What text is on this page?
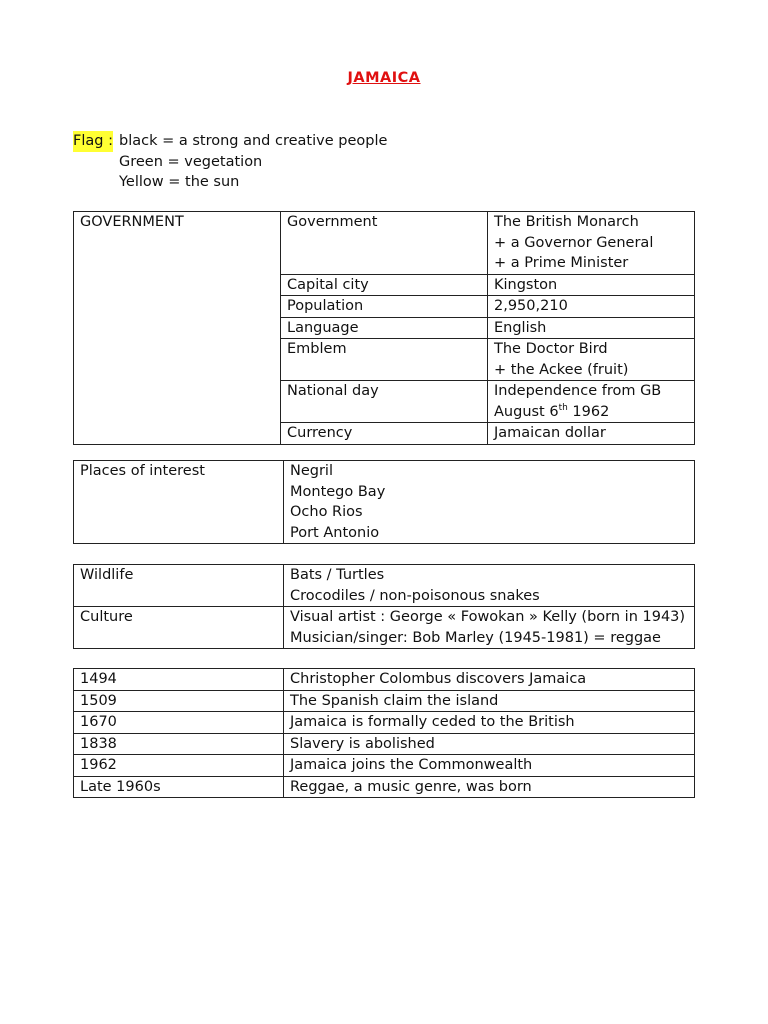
JAMAICA
Flag : black = a strong and creative people
Green = vegetation
Yellow = the sun
GOVERNMENT	Government	The British Monarch
+ a Governor General
+ a Prime Minister

	Capital city	Kingston
	Population	2,950,210
	Language	English
	Emblem	The Doctor Bird
+ the Ackee (fruit)

	National day	Independence from GB
August 6th 1962

	Currency	Jamaican dollar
Places of interest	Negril
Montego Bay
Ocho Rios
Port Antonio
Wildlife	Bats / Turtles
Crocodiles / non-poisonous snakes

Culture	Visual artist : George « Fowokan » Kelly (born in 1943)
Musician/singer: Bob Marley (1945-1981) = reggae
1494	Christopher Colombus discovers Jamaica
1509	The Spanish claim the island
1670	Jamaica is formally ceded to the British
1838	Slavery is abolished
1962	Jamaica joins the Commonwealth
Late 1960s	Reggae, a music genre, was born
